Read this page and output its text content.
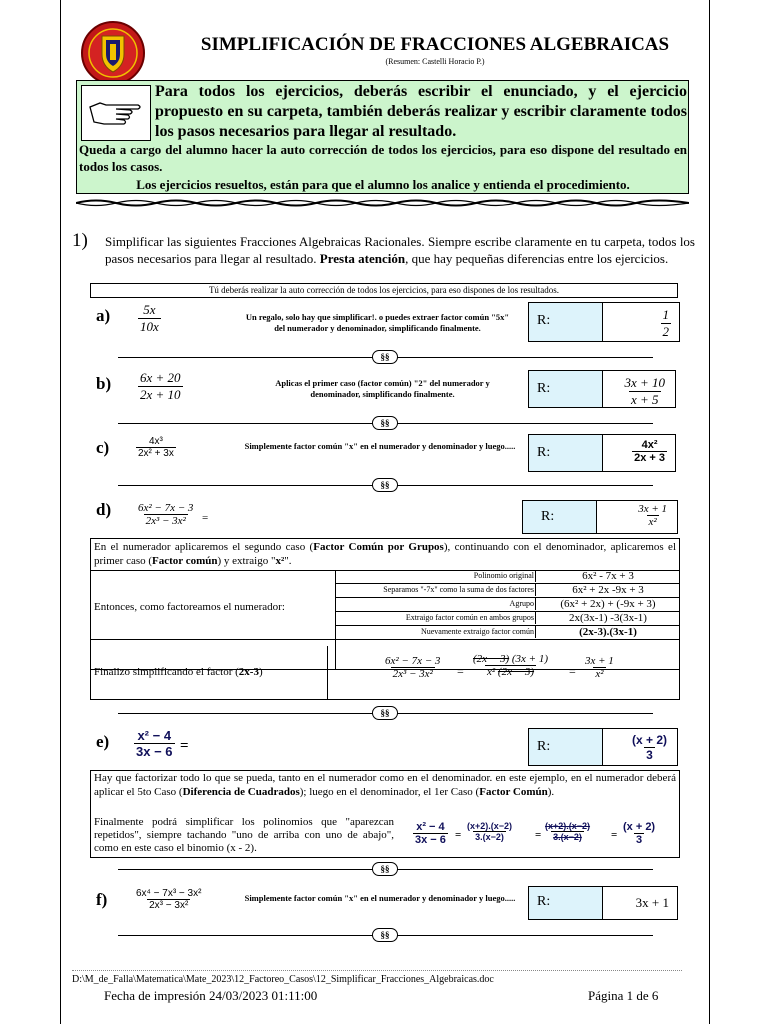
SIMPLIFICACIÓN DE FRACCIONES ALGEBRAICAS
(Resumen: Castelli Horacio P.)
Para todos los ejercicios, deberás escribir el enunciado, y el ejercicio propuesto en su carpeta, también deberás realizar y escribir claramente todos los pasos necesarios para llegar al resultado.
Queda a cargo del alumno hacer la auto corrección de todos los ejercicios, para eso dispone del resultado en todos los casos.
Los ejercicios resueltos, están para que el alumno los analice y entienda el procedimiento.
1) Simplificar las siguientes Fracciones Algebraicas Racionales. Siempre escribe claramente en tu carpeta, todos los pasos necesarios para llegar al resultado. Presta atención, que hay pequeñas diferencias entre los ejercicios.
Tú deberás realizar la auto corrección de todos los ejercicios, para eso dispones de los resultados.
$a) \frac{5x}{10x}$	Un regalo, solo hay que simplificar!. o puedes extraer factor común "5x" del numerador y denominador, simplificando finalmente.	R:	$\frac{1}{2}$
§§
$b) \frac{6x + 20}{2x + 10}$	Aplicas el primer caso (factor común) "2" del numerador y denominador, simplificando finalmente.	R:	$\frac{3x + 10}{x + 5}$
§§
c)	$\frac{\text{4x³}}{\text{2x² + 3x}}$	Simplemente factor común "x" en el numerador y denominador y luego.....	R:	$\frac{\text{4x²}}{2x + 3}$
§§
$d) \frac{\text{6x² − 7x − 3}}{\text{2x³ − 3x²}}$ =	R:	$\frac{3x + 1}{\text{x²}}$
En el numerador aplicaremos el segundo caso (Factor Común por Grupos), continuando con el denominador, aplicaremos el primer caso (Factor común) y extraigo "x²".
Entonces, como factoreamos el numerador:
Polinomio original	6x² - 7x + 3
Separamos "-7x" como la suma de dos factores	6x² + 2x -9x + 3
Agrupo	(6x² + 2x) + (-9x + 3)
Extraigo factor común en ambos grupos	2x(3x-1) -3(3x-1)
Nuevamente extraigo factor común	(2x-3).(3x-1)
Finalizo simplificando el factor (2x-3)	$\frac{\text{6x² − 7x − 3}}{\text{2x³ − 3x²}} = \frac{(2x - 3) (3x + 1)}{\text{x² (2x − 3)}} = \frac{3x + 1}{\text{x²}}$
§§
$e) \frac{\text{x² − 4}}{3x - 6}$ =	R:	$\frac{(x + 2)}{3}$
Hay que factorizar todo lo que se pueda, tanto en el numerador como en el denominador. en este ejemplo, en el numerador deberá aplicar el 5to Caso (Diferencia de Cuadrados); luego en el denominador, el 1er Caso (Factor Común).
Finalmente podrá simplificar los polinomios que "aparezcan repetidos", siempre tachando "uno de arriba con uno de abajo", como en este caso el binomio (x - 2).
$\frac{\text{x² − 4}}{3x - 6} = \frac{(x+2).(x-2)}{3.(x-2)} = \frac{(x+2).(x-2)}{3.(x-2)} = \frac{(x + 2)}{3}$
§§
f)	$\frac{\text{6x⁴ − 7x³ − 3x²}}{\text{2x³ − 3x²}}$	Simplemente factor común "x" en el numerador y denominador y luego.....	R:	3x + 1
§§
D:\M_de_Falla\Matematica\Mate_2023\12_Factoreo_Casos\12_Simplificar_Fracciones_Algebraicas.doc
Fecha de impresión 24/03/2023 01:11:00	Página 1 de 6
